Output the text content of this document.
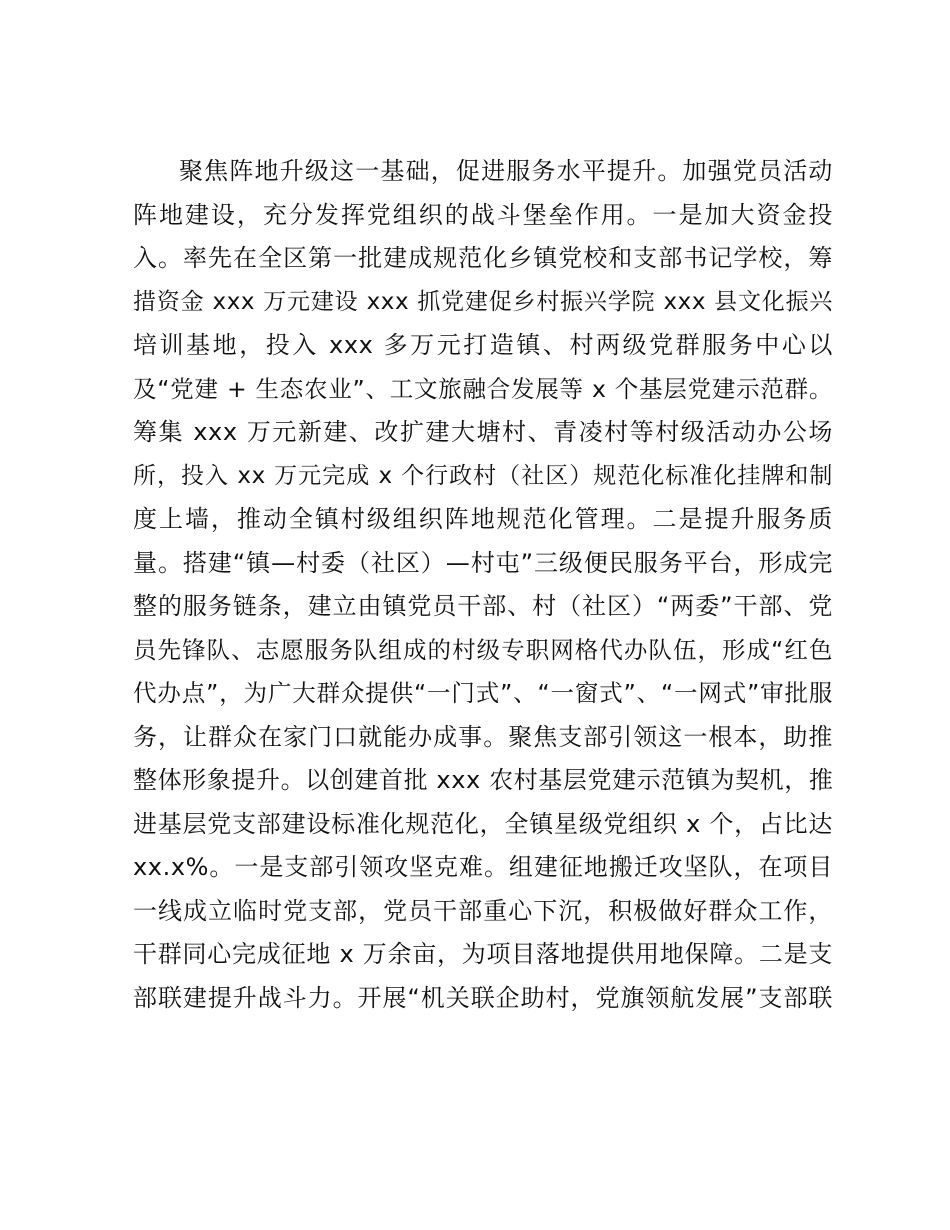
聚焦阵地升级这一基础，促进服务水平提升。加强党员活动
阵地建设，充分发挥党组织的战斗堡垒作用。一是加大资金投
入。率先在全区第一批建成规范化乡镇党校和支部书记学校，筹
措资金 xxx 万元建设 xxx 抓党建促乡村振兴学院 xxx 县文化振兴
培训基地，投入 xxx 多万元打造镇、村两级党群服务中心以
及“党建 + 生态农业”、工文旅融合发展等 x 个基层党建示范群。
筹集 xxx 万元新建、改扩建大塘村、青凌村等村级活动办公场
所，投入 xx 万元完成 x 个行政村（社区）规范化标准化挂牌和制
度上墙，推动全镇村级组织阵地规范化管理。二是提升服务质
量。搭建“镇—村委（社区）—村屯”三级便民服务平台，形成完
整的服务链条，建立由镇党员干部、村（社区）“两委”干部、党
员先锋队、志愿服务队组成的村级专职网格代办队伍，形成“红色
代办点”，为广大群众提供“一门式”、“一窗式”、“一网式”审批服
务，让群众在家门口就能办成事。聚焦支部引领这一根本，助推
整体形象提升。以创建首批 xxx 农村基层党建示范镇为契机，推
进基层党支部建设标准化规范化，全镇星级党组织 x 个，占比达
xx.x%。一是支部引领攻坚克难。组建征地搬迁攻坚队，在项目
一线成立临时党支部，党员干部重心下沉，积极做好群众工作，
干群同心完成征地 x 万余亩，为项目落地提供用地保障。二是支
部联建提升战斗力。开展“机关联企助村，党旗领航发展”支部联
